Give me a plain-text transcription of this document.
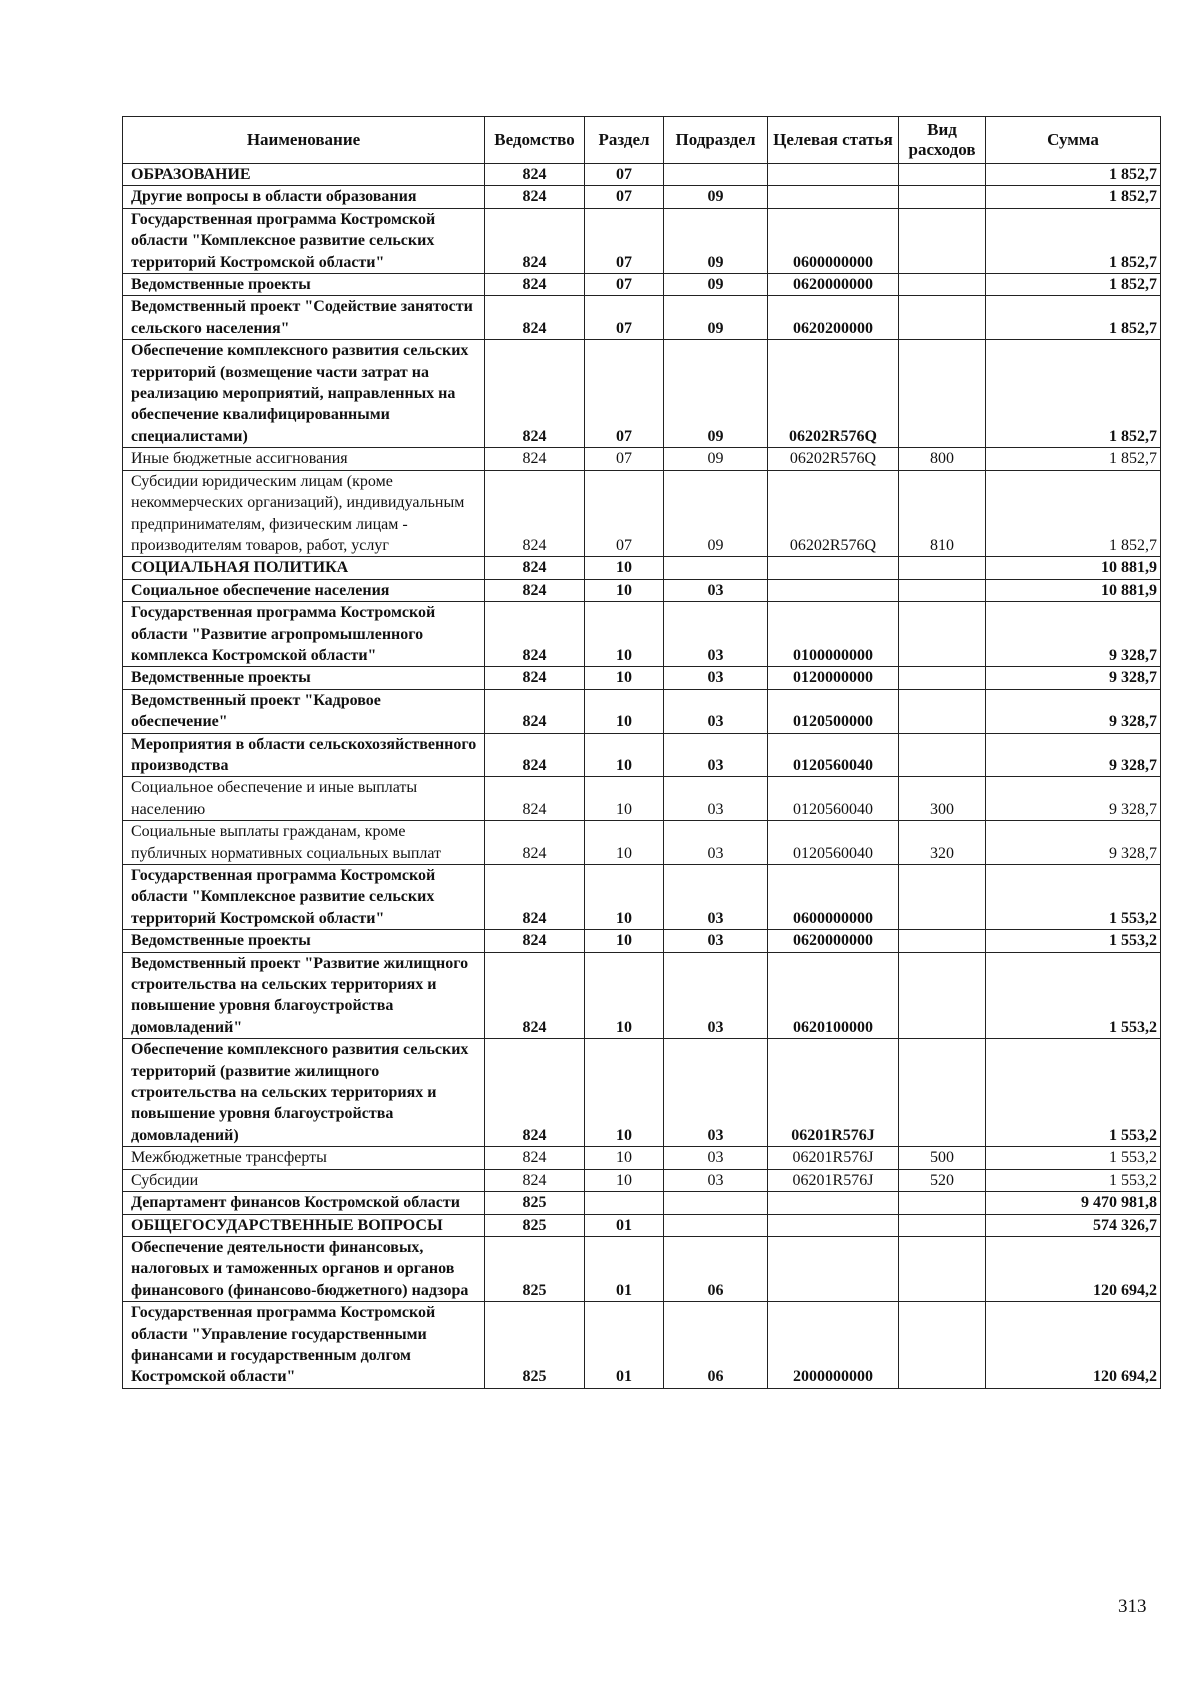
Наименование	Ведомство	Раздел	Подраздел	Целевая статья	Вид расходов	Сумма
ОБРАЗОВАНИЕ	824	07				1 852,7
Другие вопросы в области образования	824	07	09			1 852,7
Государственная программа Костромской области "Комплексное развитие сельских территорий Костромской области"	824	07	09	0600000000		1 852,7
Ведомственные проекты	824	07	09	0620000000		1 852,7
Ведомственный проект "Содействие занятости сельского населения"	824	07	09	0620200000		1 852,7
Обеспечение комплексного развития сельских территорий (возмещение части затрат на реализацию мероприятий, направленных на обеспечение квалифицированными специалистами)	824	07	09	06202R576Q		1 852,7
Иные бюджетные ассигнования	824	07	09	06202R576Q	800	1 852,7
Субсидии юридическим лицам (кроме некоммерческих организаций), индивидуальным предпринимателям, физическим лицам - производителям товаров, работ, услуг	824	07	09	06202R576Q	810	1 852,7
СОЦИАЛЬНАЯ ПОЛИТИКА	824	10				10 881,9
Социальное обеспечение населения	824	10	03			10 881,9
Государственная программа Костромской области "Развитие агропромышленного комплекса Костромской области"	824	10	03	0100000000		9 328,7
Ведомственные проекты	824	10	03	0120000000		9 328,7
Ведомственный проект "Кадровое обеспечение"	824	10	03	0120500000		9 328,7
Мероприятия в области сельскохозяйственного производства	824	10	03	0120560040		9 328,7
Социальное обеспечение и иные выплаты населению	824	10	03	0120560040	300	9 328,7
Социальные выплаты гражданам, кроме публичных нормативных социальных выплат	824	10	03	0120560040	320	9 328,7
Государственная программа Костромской области "Комплексное развитие сельских территорий Костромской области"	824	10	03	0600000000		1 553,2
Ведомственные проекты	824	10	03	0620000000		1 553,2
Ведомственный проект "Развитие жилищного строительства на сельских территориях и повышение уровня благоустройства домовладений"	824	10	03	0620100000		1 553,2
Обеспечение комплексного развития сельских территорий (развитие жилищного строительства на сельских территориях и повышение уровня благоустройства домовладений)	824	10	03	06201R576J		1 553,2
Межбюджетные трансферты	824	10	03	06201R576J	500	1 553,2
Субсидии	824	10	03	06201R576J	520	1 553,2
Департамент финансов Костромской области	825					9 470 981,8
ОБЩЕГОСУДАРСТВЕННЫЕ ВОПРОСЫ	825	01				574 326,7
Обеспечение деятельности финансовых, налоговых и таможенных органов и органов финансового (финансово-бюджетного) надзора	825	01	06			120 694,2
Государственная программа Костромской области "Управление государственными финансами и государственным долгом Костромской области"	825	01	06	2000000000		120 694,2
313
